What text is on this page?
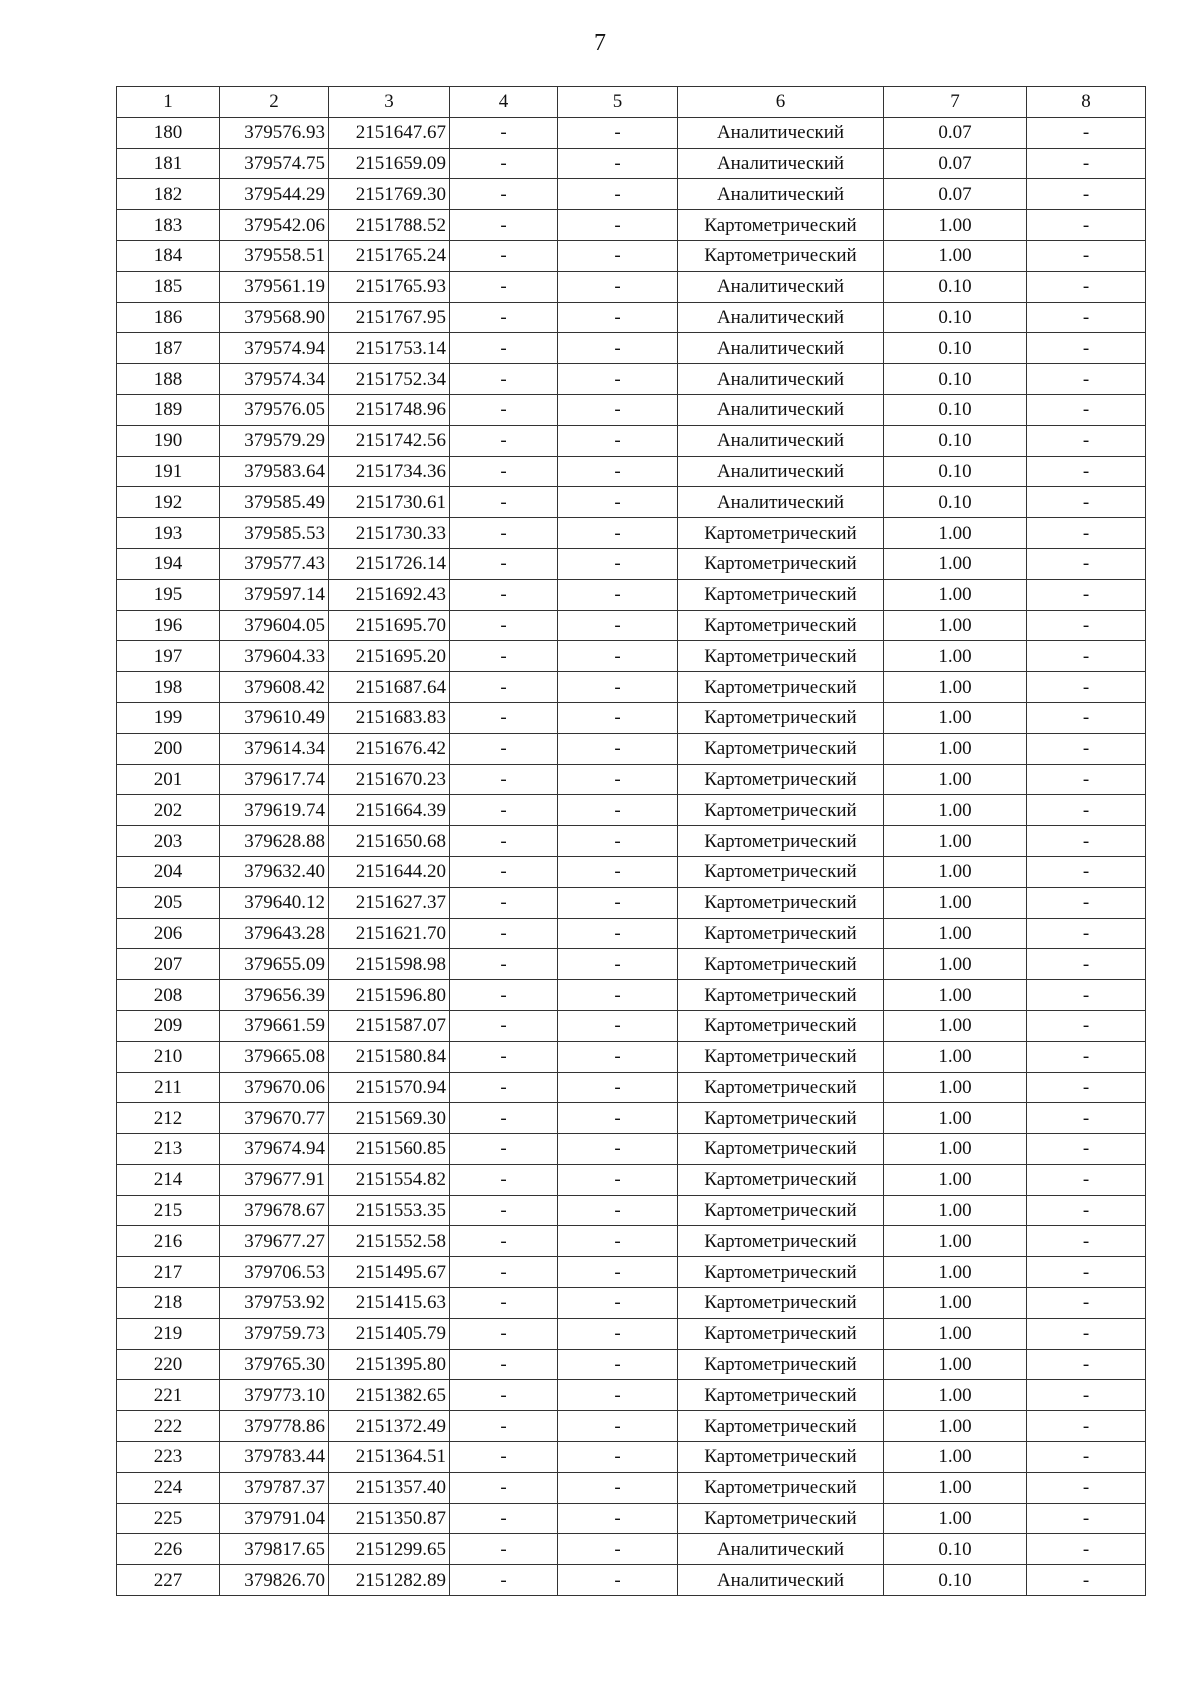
7
1	2	3	4	5	6	7	8
180	379576.93	2151647.67	-	-	Аналитический	0.07	-
181	379574.75	2151659.09	-	-	Аналитический	0.07	-
182	379544.29	2151769.30	-	-	Аналитический	0.07	-
183	379542.06	2151788.52	-	-	Картометрический	1.00	-
184	379558.51	2151765.24	-	-	Картометрический	1.00	-
185	379561.19	2151765.93	-	-	Аналитический	0.10	-
186	379568.90	2151767.95	-	-	Аналитический	0.10	-
187	379574.94	2151753.14	-	-	Аналитический	0.10	-
188	379574.34	2151752.34	-	-	Аналитический	0.10	-
189	379576.05	2151748.96	-	-	Аналитический	0.10	-
190	379579.29	2151742.56	-	-	Аналитический	0.10	-
191	379583.64	2151734.36	-	-	Аналитический	0.10	-
192	379585.49	2151730.61	-	-	Аналитический	0.10	-
193	379585.53	2151730.33	-	-	Картометрический	1.00	-
194	379577.43	2151726.14	-	-	Картометрический	1.00	-
195	379597.14	2151692.43	-	-	Картометрический	1.00	-
196	379604.05	2151695.70	-	-	Картометрический	1.00	-
197	379604.33	2151695.20	-	-	Картометрический	1.00	-
198	379608.42	2151687.64	-	-	Картометрический	1.00	-
199	379610.49	2151683.83	-	-	Картометрический	1.00	-
200	379614.34	2151676.42	-	-	Картометрический	1.00	-
201	379617.74	2151670.23	-	-	Картометрический	1.00	-
202	379619.74	2151664.39	-	-	Картометрический	1.00	-
203	379628.88	2151650.68	-	-	Картометрический	1.00	-
204	379632.40	2151644.20	-	-	Картометрический	1.00	-
205	379640.12	2151627.37	-	-	Картометрический	1.00	-
206	379643.28	2151621.70	-	-	Картометрический	1.00	-
207	379655.09	2151598.98	-	-	Картометрический	1.00	-
208	379656.39	2151596.80	-	-	Картометрический	1.00	-
209	379661.59	2151587.07	-	-	Картометрический	1.00	-
210	379665.08	2151580.84	-	-	Картометрический	1.00	-
211	379670.06	2151570.94	-	-	Картометрический	1.00	-
212	379670.77	2151569.30	-	-	Картометрический	1.00	-
213	379674.94	2151560.85	-	-	Картометрический	1.00	-
214	379677.91	2151554.82	-	-	Картометрический	1.00	-
215	379678.67	2151553.35	-	-	Картометрический	1.00	-
216	379677.27	2151552.58	-	-	Картометрический	1.00	-
217	379706.53	2151495.67	-	-	Картометрический	1.00	-
218	379753.92	2151415.63	-	-	Картометрический	1.00	-
219	379759.73	2151405.79	-	-	Картометрический	1.00	-
220	379765.30	2151395.80	-	-	Картометрический	1.00	-
221	379773.10	2151382.65	-	-	Картометрический	1.00	-
222	379778.86	2151372.49	-	-	Картометрический	1.00	-
223	379783.44	2151364.51	-	-	Картометрический	1.00	-
224	379787.37	2151357.40	-	-	Картометрический	1.00	-
225	379791.04	2151350.87	-	-	Картометрический	1.00	-
226	379817.65	2151299.65	-	-	Аналитический	0.10	-
227	379826.70	2151282.89	-	-	Аналитический	0.10	-
